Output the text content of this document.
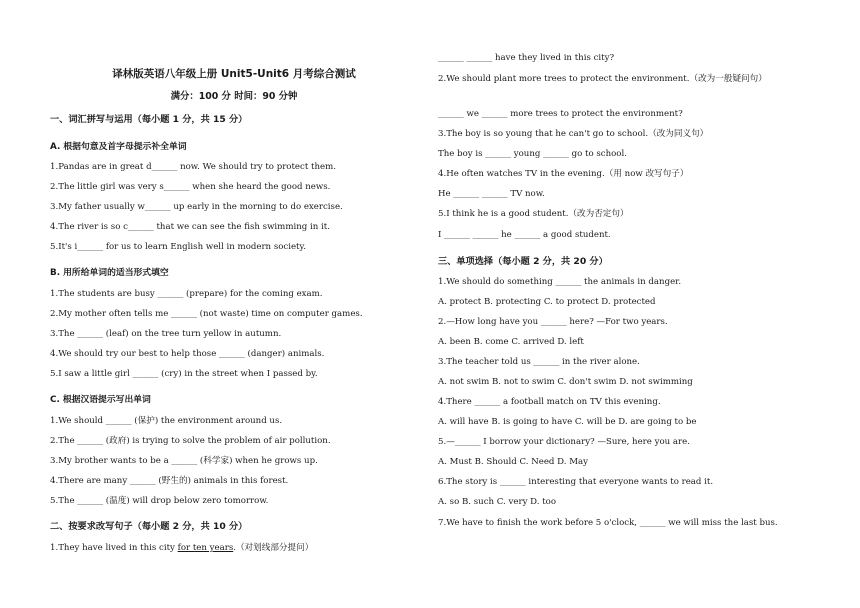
译林版英语八年级上册 Unit5-Unit6 月考综合测试
满分：100 分 时间：90 分钟
一、词汇拼写与运用（每小题 1 分，共 15 分）
A. 根据句意及首字母提示补全单词
1.Pandas are in great d______ now. We should try to protect them.
2.The little girl was very s______ when she heard the good news.
3.My father usually w______ up early in the morning to do exercise.
4.The river is so c______ that we can see the fish swimming in it.
5.It's i______ for us to learn English well in modern society.
B. 用所给单词的适当形式填空
1.The students are busy ______ (prepare) for the coming exam.
2.My mother often tells me ______ (not waste) time on computer games.
3.The ______ (leaf) on the tree turn yellow in autumn.
4.We should try our best to help those ______ (danger) animals.
5.I saw a little girl ______ (cry) in the street when I passed by.
C. 根据汉语提示写出单词
1.We should ______ (保护) the environment around us.
2.The ______ (政府) is trying to solve the problem of air pollution.
3.My brother wants to be a ______ (科学家) when he grows up.
4.There are many ______ (野生的) animals in this forest.
5.The ______ (温度) will drop below zero tomorrow.
二、按要求改写句子（每小题 2 分，共 10 分）
1.They have lived in this city for ten years.（对划线部分提问）
______ ______ have they lived in this city?
2.We should plant more trees to protect the environment.（改为一般疑问句）
______ we ______ more trees to protect the environment?
3.The boy is so young that he can't go to school.（改为同义句）
The boy is ______ young ______ go to school.
4.He often watches TV in the evening.（用 now 改写句子）
He ______ ______ TV now.
5.I think he is a good student.（改为否定句）
I ______ ______ he ______ a good student.
三、单项选择（每小题 2 分，共 20 分）
1.We should do something ______ the animals in danger.
A. protect B. protecting C. to protect D. protected
2.—How long have you ______ here? —For two years.
A. been B. come C. arrived D. left
3.The teacher told us ______ in the river alone.
A. not swim B. not to swim C. don't swim D. not swimming
4.There ______ a football match on TV this evening.
A. will have B. is going to have C. will be D. are going to be
5.—______ I borrow your dictionary? —Sure, here you are.
A. Must B. Should C. Need D. May
6.The story is ______ interesting that everyone wants to read it.
A. so B. such C. very D. too
7.We have to finish the work before 5 o'clock, ______ we will miss the last bus.
